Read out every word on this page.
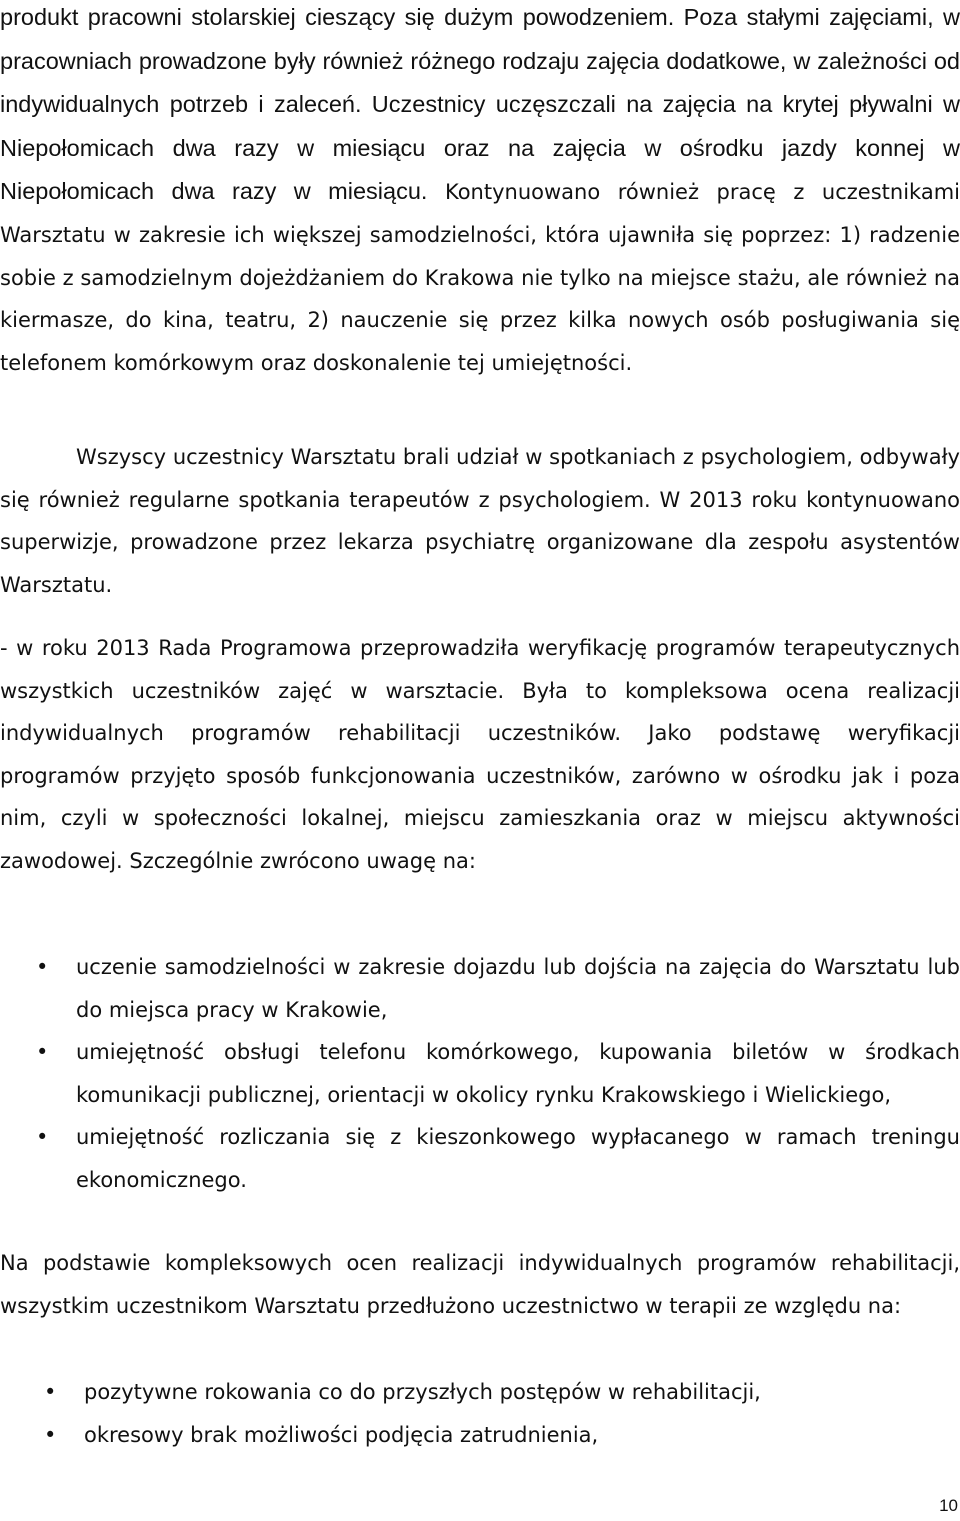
produkt pracowni stolarskiej cieszący się dużym powodzeniem. Poza stałymi zajęciami, w pracowniach prowadzone były również różnego rodzaju zajęcia dodatkowe, w zależności od indywidualnych potrzeb i zaleceń. Uczestnicy uczęszczali na zajęcia na krytej pływalni w Niepołomicach dwa razy w miesiącu oraz na zajęcia w ośrodku jazdy konnej w Niepołomicach dwa razy w miesiącu. Kontynuowano również pracę z uczestnikami Warsztatu w zakresie ich większej samodzielności, która ujawniła się poprzez: 1) radzenie sobie z samodzielnym dojeżdżaniem do Krakowa nie tylko na miejsce stażu, ale również na kiermasze, do kina, teatru, 2) nauczenie się przez kilka nowych osób posługiwania się telefonem komórkowym oraz doskonalenie tej umiejętności.

Wszyscy uczestnicy Warsztatu brali udział w spotkaniach z psychologiem, odbywały się również regularne spotkania terapeutów z psychologiem. W 2013 roku kontynuowano superwizje, prowadzone przez lekarza psychiatrę organizowane dla zespołu asystentów Warsztatu.

- w roku 2013 Rada Programowa przeprowadziła weryfikację programów terapeutycznych wszystkich uczestników zajęć w warsztacie. Była to kompleksowa ocena realizacji indywidualnych programów rehabilitacji uczestników. Jako podstawę weryfikacji programów przyjęto sposób funkcjonowania uczestników, zarówno w ośrodku jak i poza nim, czyli w społeczności lokalnej, miejscu zamieszkania oraz w miejscu aktywności zawodowej. Szczególnie zwrócono uwagę na:

• uczenie samodzielności w zakresie dojazdu lub dojścia na zajęcia do Warsztatu lub do miejsca pracy w Krakowie,
• umiejętność obsługi telefonu komórkowego, kupowania biletów w środkach komunikacji publicznej, orientacji w okolicy rynku Krakowskiego i Wielickiego,
• umiejętność rozliczania się z kieszonkowego wypłacanego w ramach treningu ekonomicznego.

Na podstawie kompleksowych ocen realizacji indywidualnych programów rehabilitacji, wszystkim uczestnikom Warsztatu przedłużono uczestnictwo w terapii ze względu na:

• pozytywne rokowania co do przyszłych postępów w rehabilitacji,
• okresowy brak możliwości podjęcia zatrudnienia,
10
